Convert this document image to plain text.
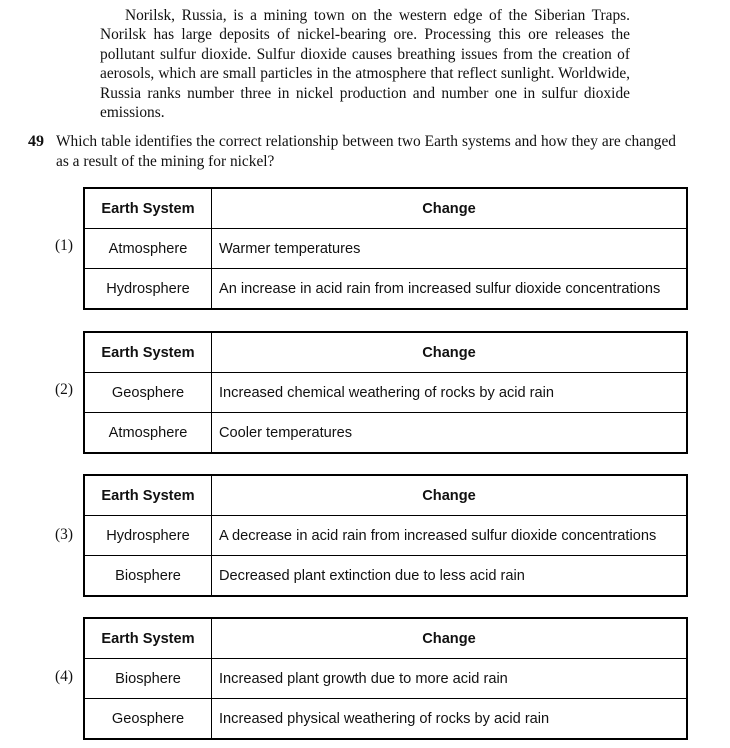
Norilsk, Russia, is a mining town on the western edge of the Siberian Traps. Norilsk has large deposits of nickel-bearing ore. Processing this ore releases the pollutant sulfur dioxide. Sulfur dioxide causes breathing issues from the creation of aerosols, which are small particles in the atmosphere that reflect sunlight. Worldwide, Russia ranks number three in nickel production and number one in sulfur dioxide emissions.

49 Which table identifies the correct relationship between two Earth systems and how they are changed as a result of the mining for nickel?
(1)
Earth System	Change
Atmosphere	Warmer temperatures
Hydrosphere	An increase in acid rain from increased sulfur dioxide concentrations
(2)
Earth System	Change
Geosphere	Increased chemical weathering of rocks by acid rain
Atmosphere	Cooler temperatures
(3)
Earth System	Change
Hydrosphere	A decrease in acid rain from increased sulfur dioxide concentrations
Biosphere	Decreased plant extinction due to less acid rain
(4)
Earth System	Change
Biosphere	Increased plant growth due to more acid rain
Geosphere	Increased physical weathering of rocks by acid rain
